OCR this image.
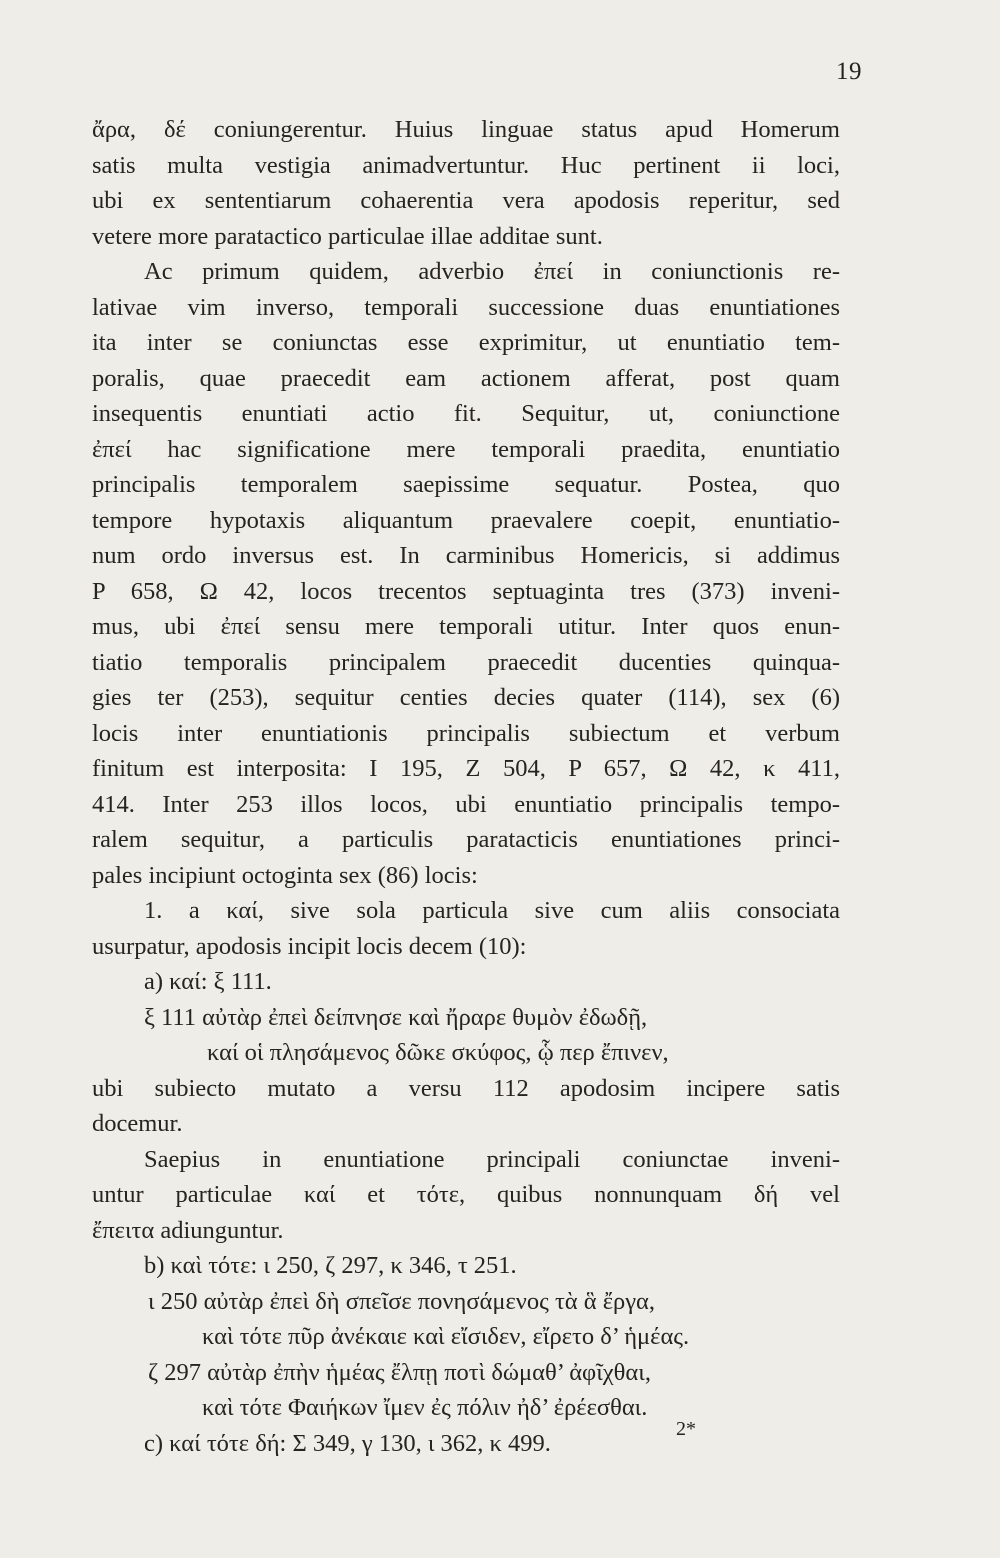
19
ἄρα, δέ coniungerentur. Huius linguae status apud Homerum
satis multa vestigia animadvertuntur. Huc pertinent ii loci,
ubi ex sententiarum cohaerentia vera apodosis reperitur, sed
vetere more paratactico particulae illae additae sunt.
Ac primum quidem, adverbio ἐπεί in coniunctionis re-
lativae vim inverso, temporali successione duas enuntiationes
ita inter se coniunctas esse exprimitur, ut enuntiatio tem-
poralis, quae praecedit eam actionem afferat, post quam
insequentis enuntiati actio fit. Sequitur, ut, coniunctione
ἐπεί hac significatione mere temporali praedita, enuntiatio
principalis temporalem saepissime sequatur. Postea, quo
tempore hypotaxis aliquantum praevalere coepit, enuntiatio-
num ordo inversus est. In carminibus Homericis, si addimus
P 658, Ω 42, locos trecentos septuaginta tres (373) inveni-
mus, ubi ἐπεί sensu mere temporali utitur. Inter quos enun-
tiatio temporalis principalem praecedit ducenties quinqua-
gies ter (253), sequitur centies decies quater (114), sex (6)
locis inter enuntiationis principalis subiectum et verbum
finitum est interposita: I 195, Z 504, P 657, Ω 42, κ 411,
414. Inter 253 illos locos, ubi enuntiatio principalis tempo-
ralem sequitur, a particulis paratacticis enuntiationes princi-
pales incipiunt octoginta sex (86) locis:
1. a καί, sive sola particula sive cum aliis consociata
usurpatur, apodosis incipit locis decem (10):
a) καί: ξ 111.
ξ 111 αὐτὰρ ἐπεὶ δείπνησε καὶ ἤραρε θυμὸν ἐδωδῇ,
καί οἱ πλησάμενος δῶκε σκύφος, ᾧ περ ἔπινεν,
ubi subiecto mutato a versu 112 apodosim incipere satis
docemur.
Saepius in enuntiatione principali coniunctae inveni-
untur particulae καί et τότε, quibus nonnunquam δή vel
ἔπειτα adiunguntur.
b) καὶ τότε: ι 250, ζ 297, κ 346, τ 251.
ι 250 αὐτὰρ ἐπεὶ δὴ σπεῖσε πονησάμενος τὰ ἃ ἔργα,
καὶ τότε πῦρ ἀνέκαιε καὶ εἴσιδεν, εἴρετο δ’ ἡμέας.
ζ 297 αὐτὰρ ἐπὴν ἡμέας ἔλπῃ ποτὶ δώμαθ’ ἀφῖχθαι,
καὶ τότε Φαιήκων ἴμεν ἐς πόλιν ἠδ’ ἐρέεσθαι.
c) καί τότε δή: Σ 349, γ 130, ι 362, κ 499.
2*
